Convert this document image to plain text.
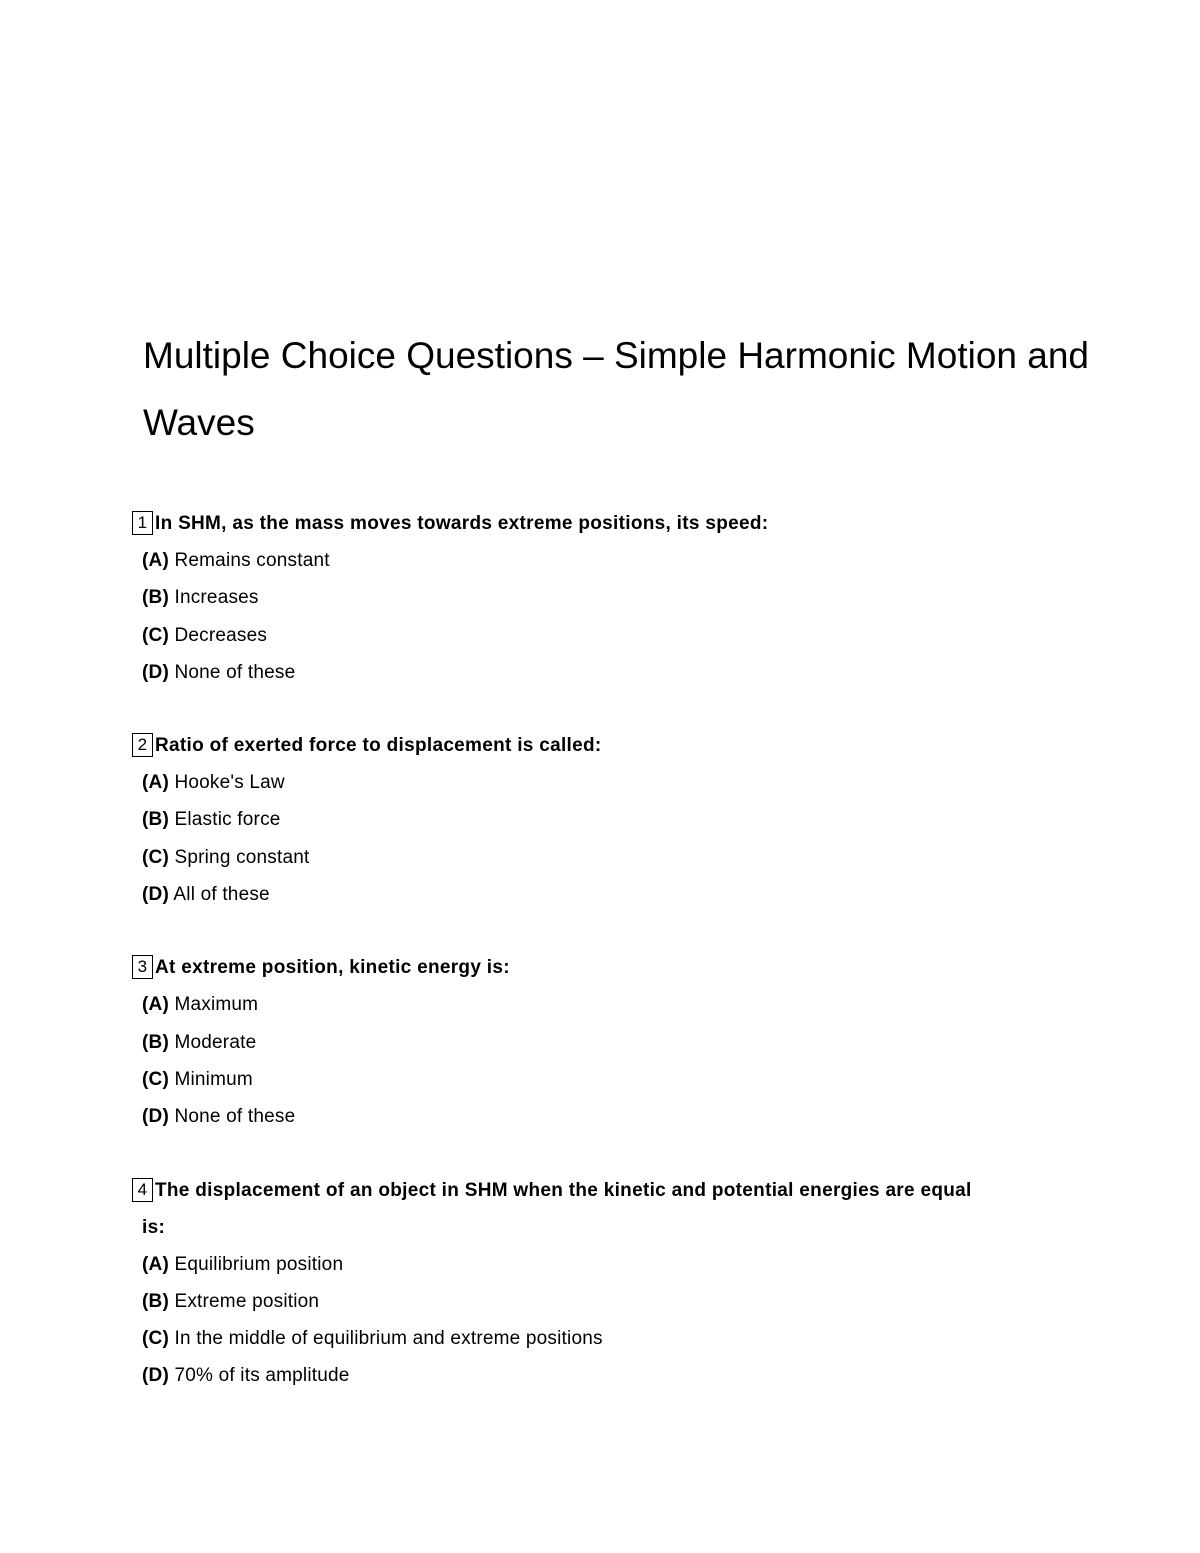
Multiple Choice Questions – Simple Harmonic Motion and Waves
1 In SHM, as the mass moves towards extreme positions, its speed:
(A) Remains constant
(B) Increases
(C) Decreases
(D) None of these
2 Ratio of exerted force to displacement is called:
(A) Hooke's Law
(B) Elastic force
(C) Spring constant
(D) All of these
3 At extreme position, kinetic energy is:
(A) Maximum
(B) Moderate
(C) Minimum
(D) None of these
4 The displacement of an object in SHM when the kinetic and potential energies are equal
is:
(A) Equilibrium position
(B) Extreme position
(C) In the middle of equilibrium and extreme positions
(D) 70% of its amplitude
